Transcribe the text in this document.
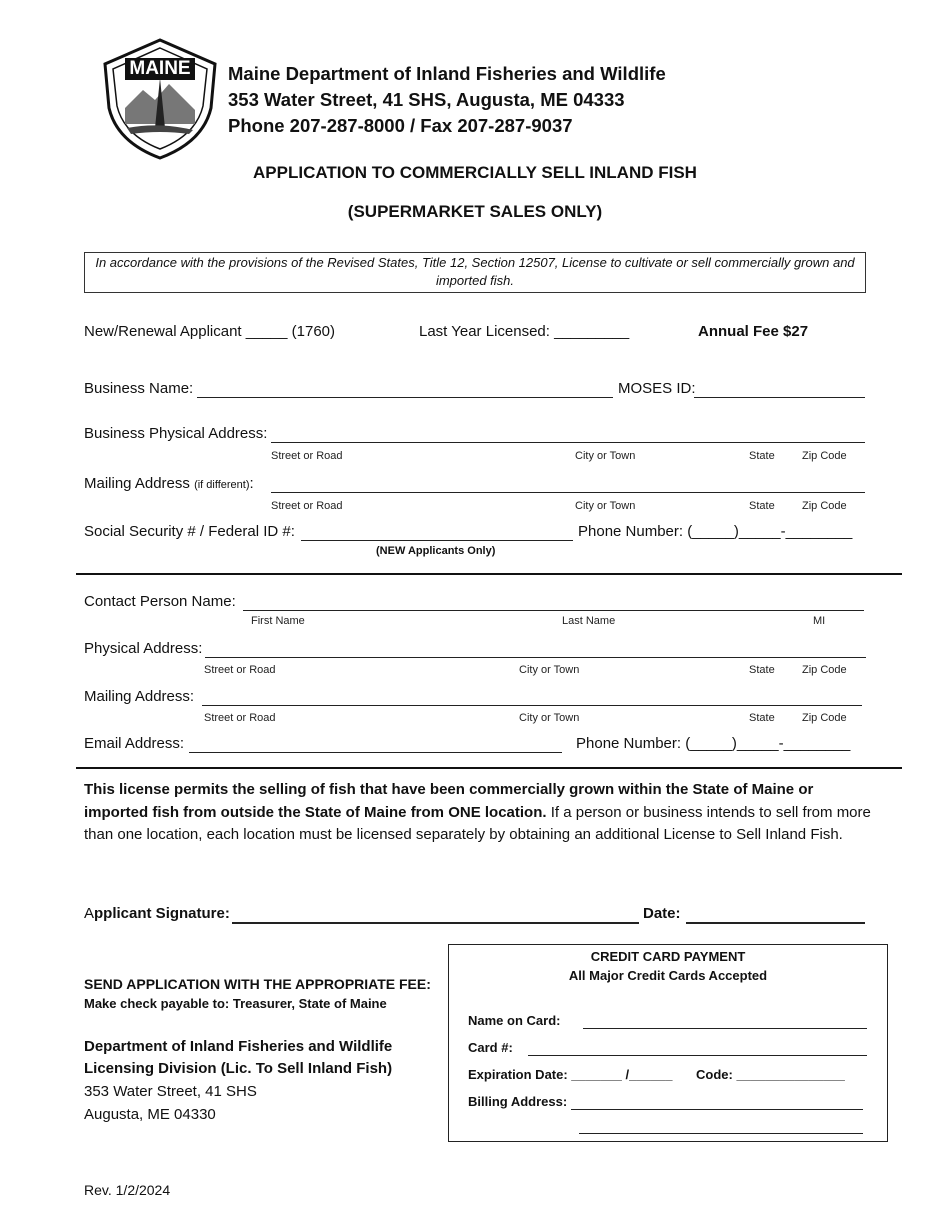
MAINE Maine Department of Inland Fisheries and Wildlife
353 Water Street, 41 SHS, Augusta, ME 04333
Phone 207-287-8000 / Fax 207-287-9037
APPLICATION TO COMMERCIALLY SELL INLAND FISH
(SUPERMARKET SALES ONLY)
In accordance with the provisions of the Revised States, Title 12, Section 12507, License to cultivate or sell commercially grown and imported fish.
New/Renewal Applicant _____ (1760)	Last Year Licensed: _________	Annual Fee $27
Business Name:	MOSES ID:
Business Physical Address:
Street or Road	City or Town	State Zip Code
Mailing Address (if different):
Street or Road	City or Town	State Zip Code
Social Security # / Federal ID #:	Phone Number: (_____)_____-________
(NEW Applicants Only)
Contact Person Name:
First Name	Last Name	MI
Physical Address:
Street or Road	City or Town	State Zip Code
Mailing Address:
Street or Road	City or Town	State Zip Code
Email Address:	Phone Number: (_____)_____-________
This license permits the selling of fish that have been commercially grown within the State of Maine or imported fish from outside the State of Maine from ONE location. If a person or business intends to sell from more than one location, each location must be licensed separately by obtaining an additional License to Sell Inland Fish.
Applicant Signature:	Date:
SEND APPLICATION WITH THE APPROPRIATE FEE:
Make check payable to: Treasurer, State of Maine
Department of Inland Fisheries and Wildlife
Licensing Division (Lic. To Sell Inland Fish)
353 Water Street, 41 SHS
Augusta, ME 04330
CREDIT CARD PAYMENT
All Major Credit Cards Accepted
Name on Card:
Card #:
Expiration Date: _______ /______ Code: _______________
Billing Address:
Rev. 1/2/2024
